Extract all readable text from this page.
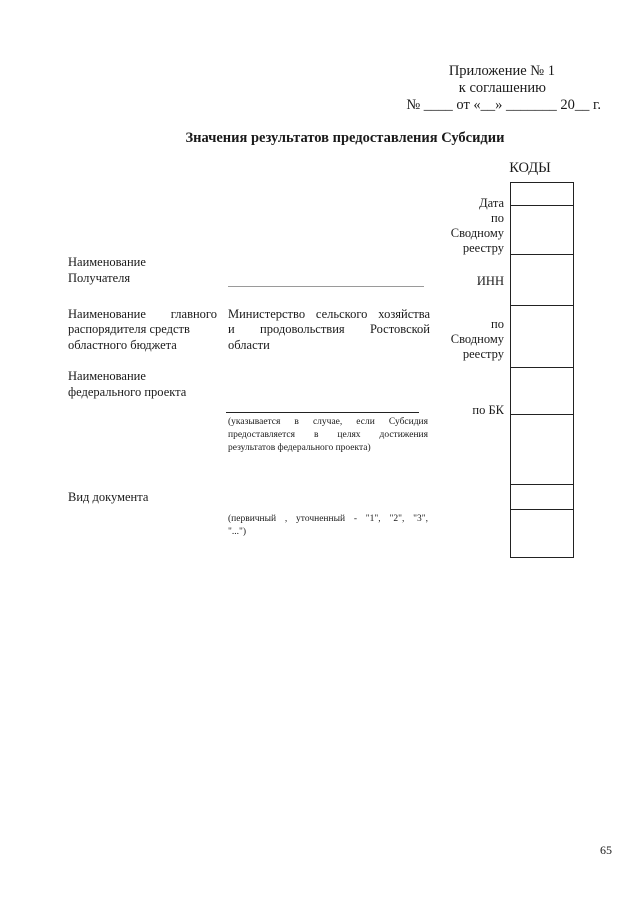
Приложение № 1
к соглашению
№ ____ от «__» _______ 20__ г.
Значения результатов предоставления Субсидии
КОДЫ
Дата
по
Сводному
реестру
ИНН
по
Сводному
реестру
по БК
Наименование
Получателя
Наименование главного
распорядителя средств
областного бюджета
Министерство сельского хозяйства
и продовольствия Ростовской
области
Наименование
федерального проекта
(указывается в случае, если Субсидия
предоставляется в целях достижения
результатов федерального проекта)
Вид документа
(первичный , уточненный - "1", "2", "3",
"...")
65
